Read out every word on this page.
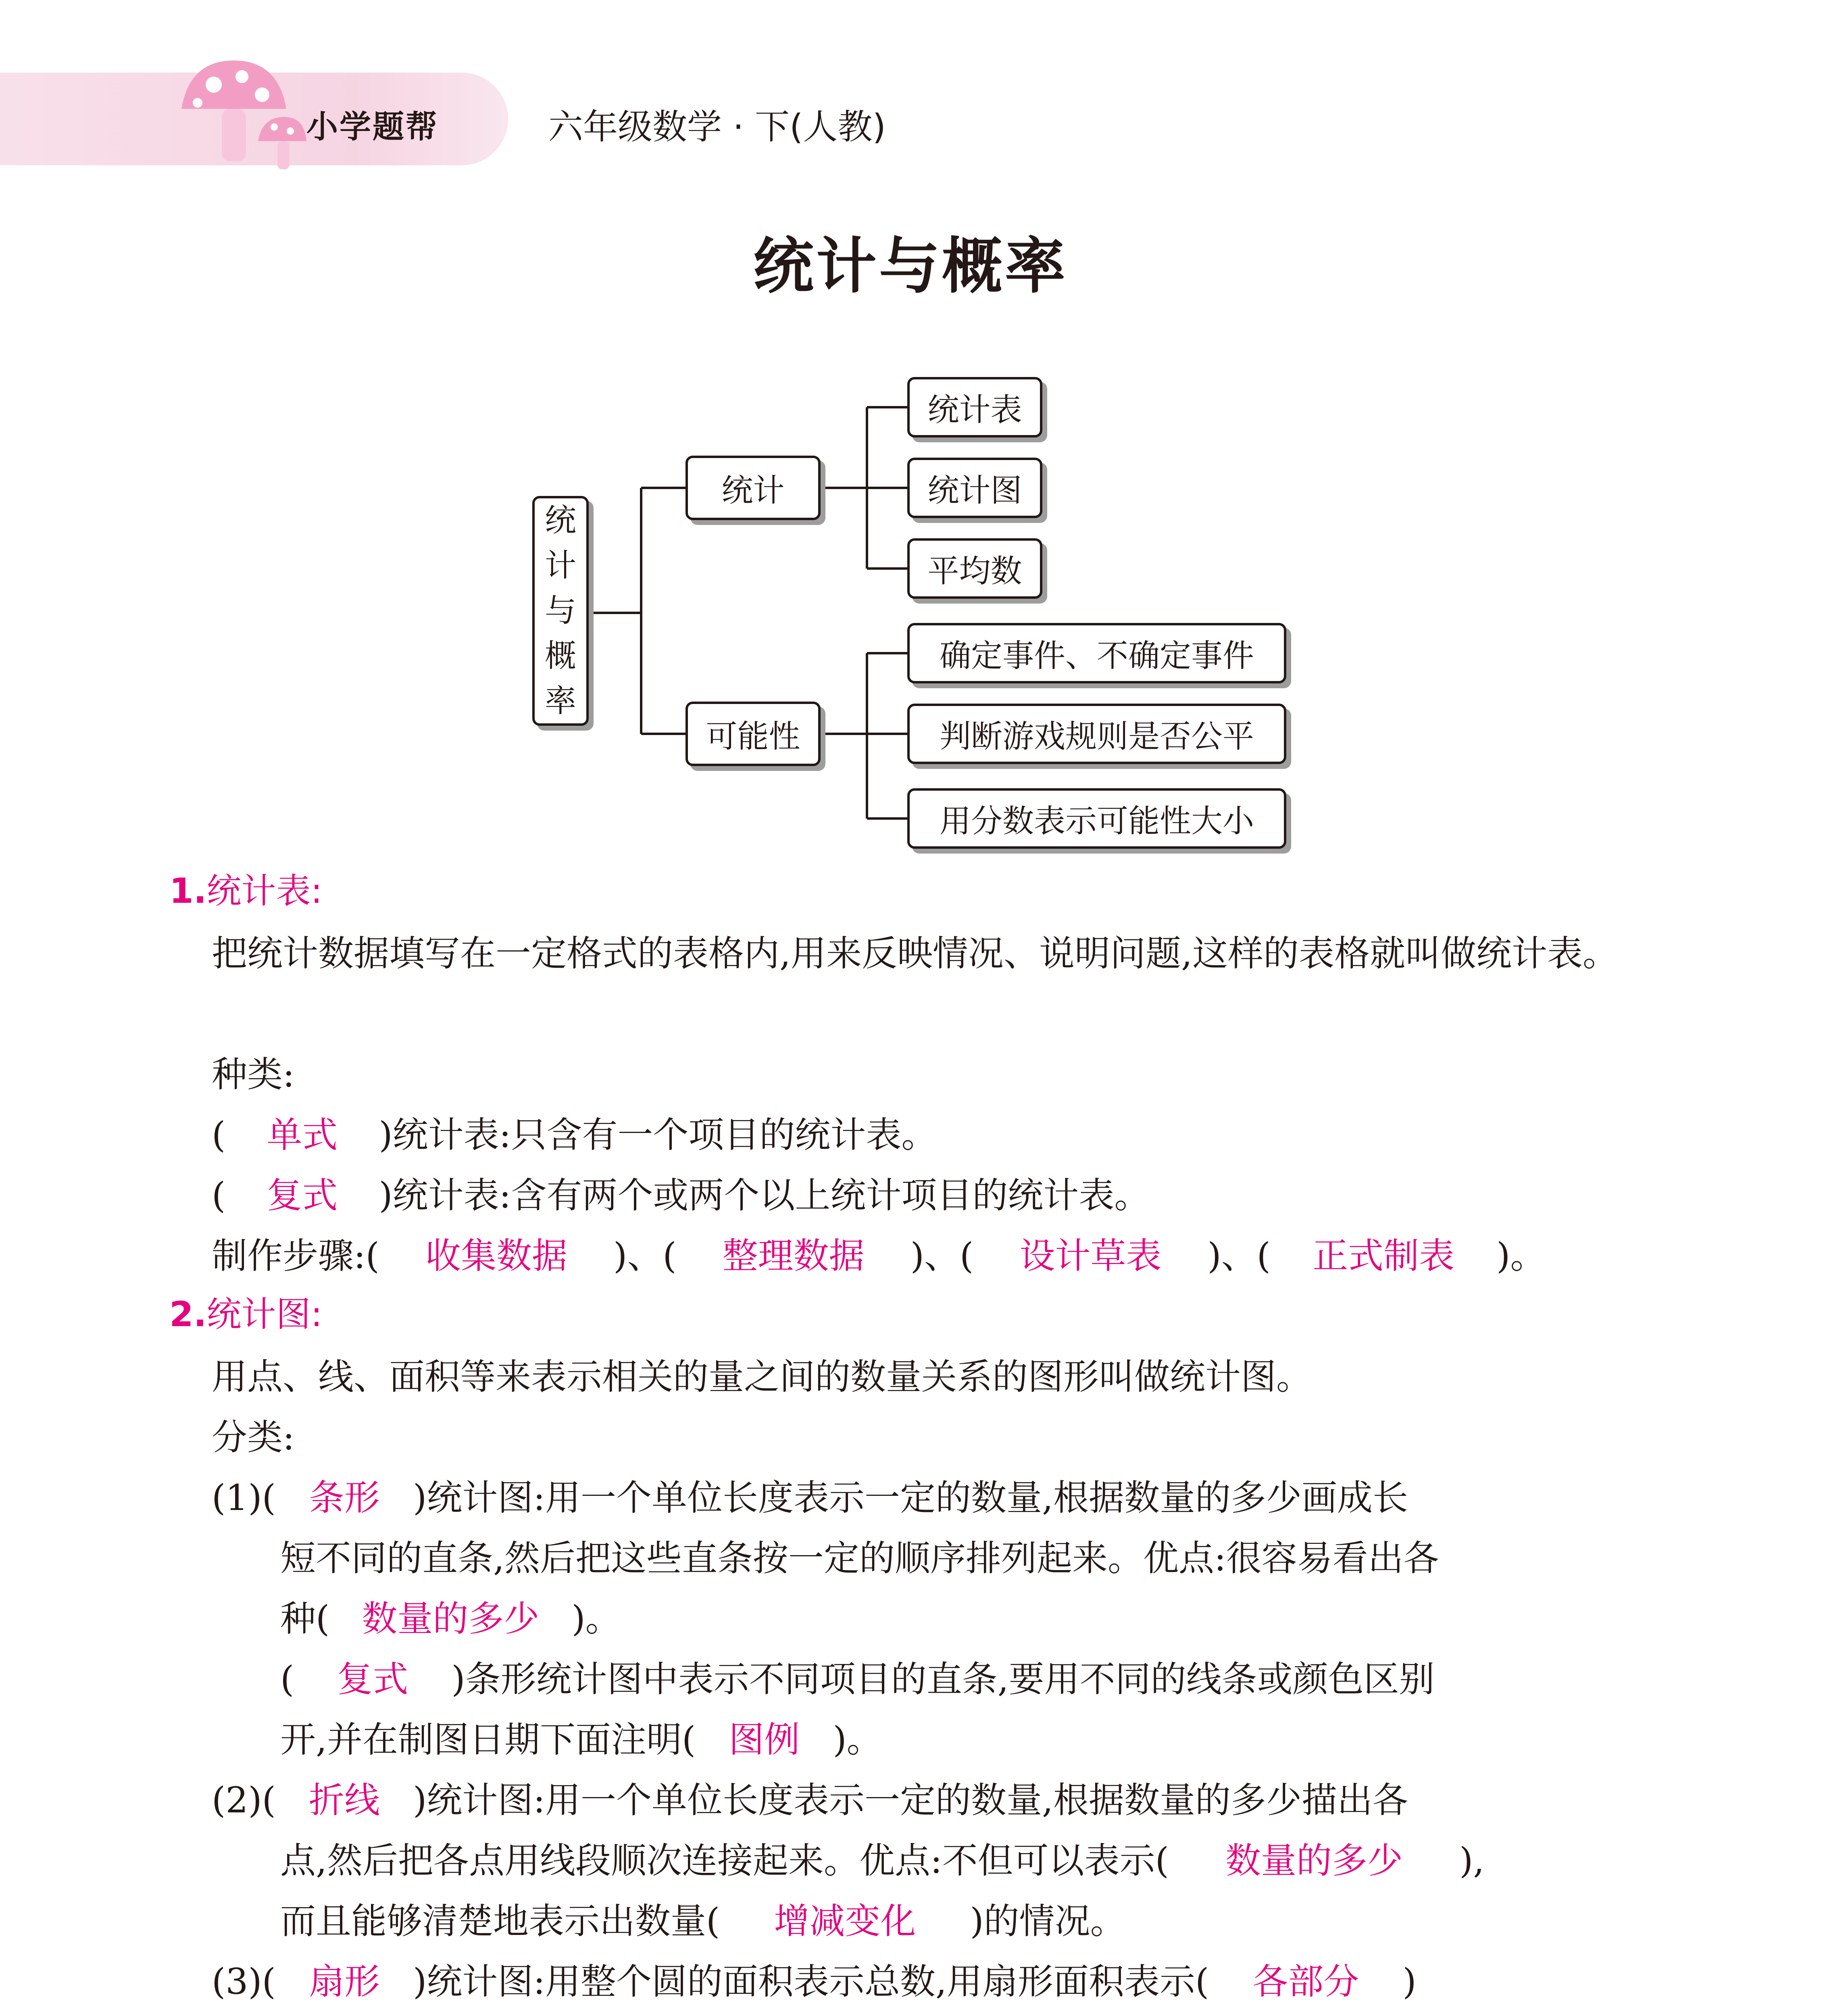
小学题帮	六年级数学 · 下(人教)
统计与概率
统
计
与
概
率
统计
可能性
统计表
统计图
平均数
确定事件、不确定事件
判断游戏规则是否公平
用分数表示可能性大小
1.统计表:
把统计数据填写在一定格式的表格内,用来反映情况、说明问题,这样的表格就叫做统计表。
种类:
( 单式 )统计表:只含有一个项目的统计表。
( 复式 )统计表:含有两个或两个以上统计项目的统计表。
制作步骤:( 收集数据 )、( 整理数据 )、( 设计草表 )、( 正式制表 )。
2.统计图:
用点、线、面积等来表示相关的量之间的数量关系的图形叫做统计图。
分类:
(1)( 条形 )统计图:用一个单位长度表示一定的数量,根据数量的多少画成长
短不同的直条,然后把这些直条按一定的顺序排列起来。优点:很容易看出各
种( 数量的多少 )。
( 复式 )条形统计图中表示不同项目的直条,要用不同的线条或颜色区别
开,并在制图日期下面注明( 图例 )。
(2)( 折线 )统计图:用一个单位长度表示一定的数量,根据数量的多少描出各
点,然后把各点用线段顺次连接起来。优点:不但可以表示( 数量的多少 ),
而且能够清楚地表示出数量( 增减变化 )的情况。
(3)( 扇形 )统计图:用整个圆的面积表示总数,用扇形面积表示( 各部分 )
